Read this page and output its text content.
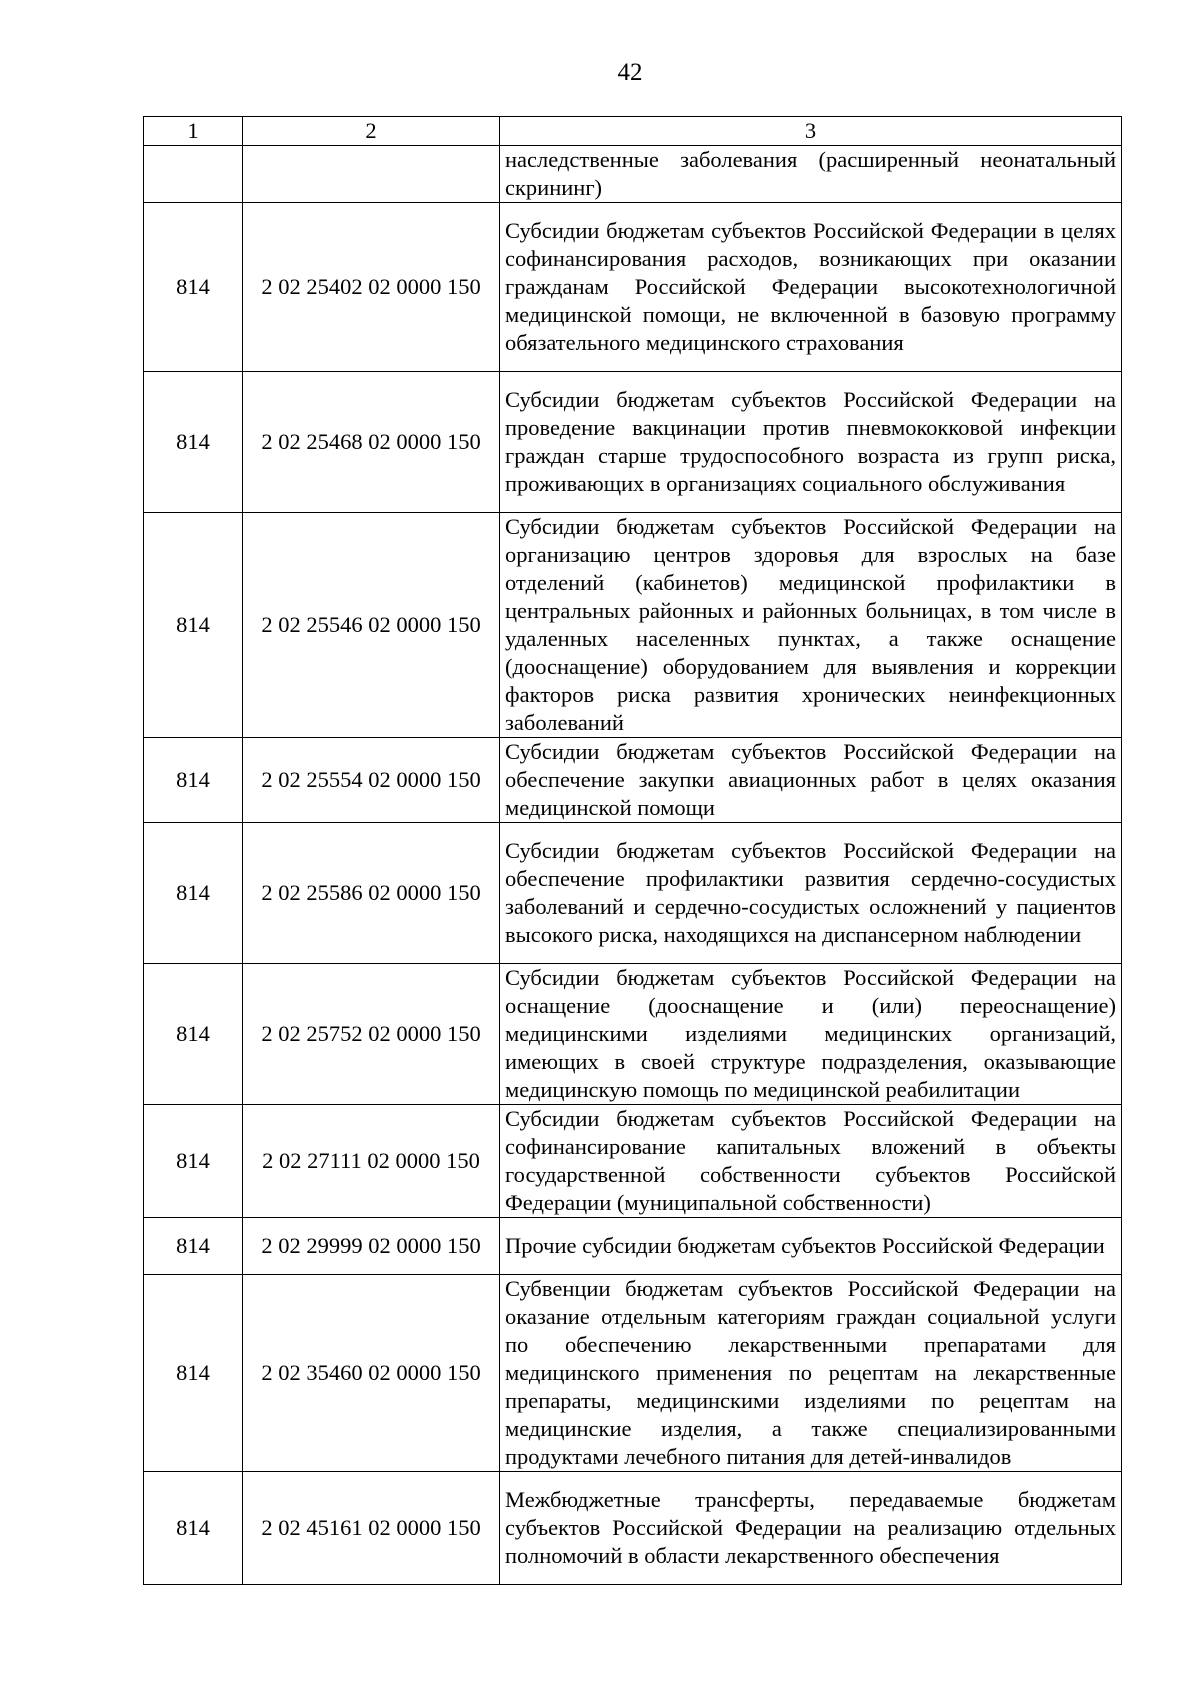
42
1	2	3
		наследственные заболевания (расширенный неонатальный скрининг)
814	2 02 25402 02 0000 150	Субсидии бюджетам субъектов Российской Федерации в целях софинансирования расходов, возникающих при оказании гражданам Российской Федерации высокотехнологичной медицинской помощи, не включенной в базовую программу обязательного медицинского страхования
814	2 02 25468 02 0000 150	Субсидии бюджетам субъектов Российской Федерации на проведение вакцинации против пневмококковой инфекции граждан старше трудоспособного возраста из групп риска, проживающих в организациях социального обслуживания
814	2 02 25546 02 0000 150	Субсидии бюджетам субъектов Российской Федерации на организацию центров здоровья для взрослых на базе отделений (кабинетов) медицинской профилактики в центральных районных и районных больницах, в том числе в удаленных населенных пунктах, а также оснащение (дооснащение) оборудованием для выявления и коррекции факторов риска развития хронических неинфекционных заболеваний
814	2 02 25554 02 0000 150	Субсидии бюджетам субъектов Российской Федерации на обеспечение закупки авиационных работ в целях оказания медицинской помощи
814	2 02 25586 02 0000 150	Субсидии бюджетам субъектов Российской Федерации на обеспечение профилактики развития сердечно-сосудистых заболеваний и сердечно-сосудистых осложнений у пациентов высокого риска, находящихся на диспансерном наблюдении
814	2 02 25752 02 0000 150	Субсидии бюджетам субъектов Российской Федерации на оснащение (дооснащение и (или) переоснащение) медицинскими изделиями медицинских организаций, имеющих в своей структуре подразделения, оказывающие медицинскую помощь по медицинской реабилитации
814	2 02 27111 02 0000 150	Субсидии бюджетам субъектов Российской Федерации на софинансирование капитальных вложений в объекты государственной собственности субъектов Российской Федерации (муниципальной собственности)
814	2 02 29999 02 0000 150	Прочие субсидии бюджетам субъектов Российской Федерации
814	2 02 35460 02 0000 150	Субвенции бюджетам субъектов Российской Федерации на оказание отдельным категориям граждан социальной услуги по обеспечению лекарственными препаратами для медицинского применения по рецептам на лекарственные препараты, медицинскими изделиями по рецептам на медицинские изделия, а также специализированными продуктами лечебного питания для детей-инвалидов
814	2 02 45161 02 0000 150	Межбюджетные трансферты, передаваемые бюджетам субъектов Российской Федерации на реализацию отдельных полномочий в области лекарственного обеспечения
